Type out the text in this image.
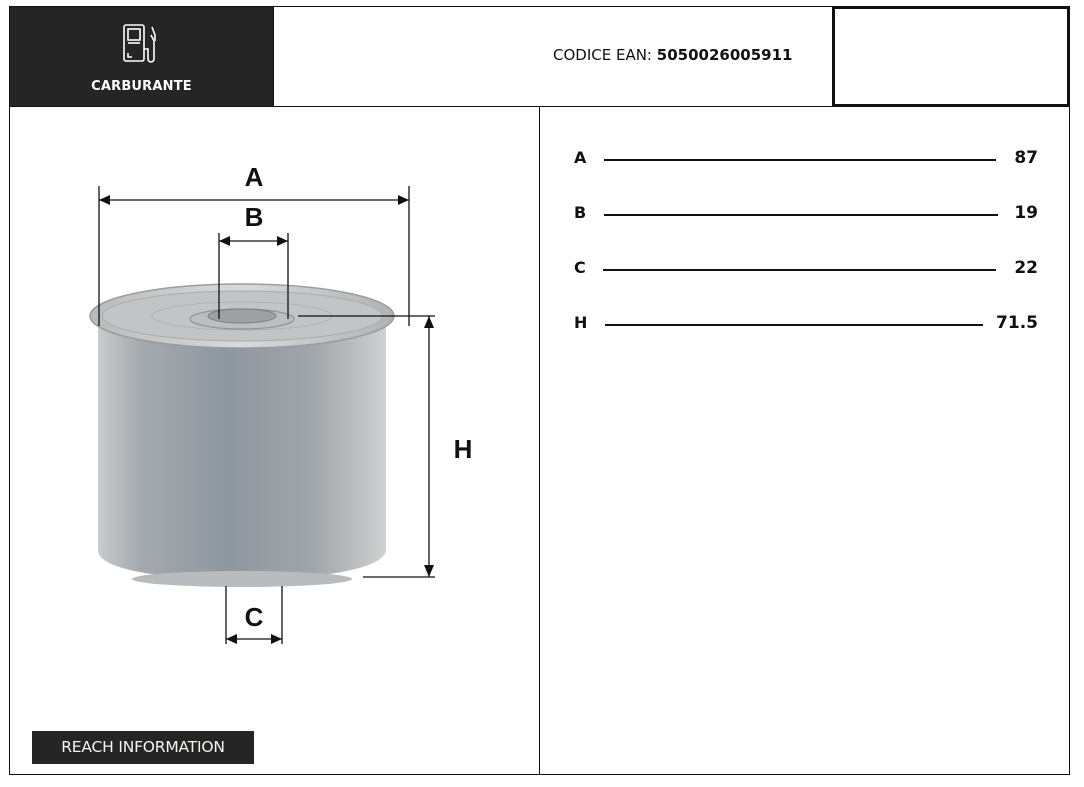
CARBURANTE
CODICE EAN: 5050026005911
A
B
H
C
REACH INFORMATION
A	87
B	19
C	22
H	71.5
